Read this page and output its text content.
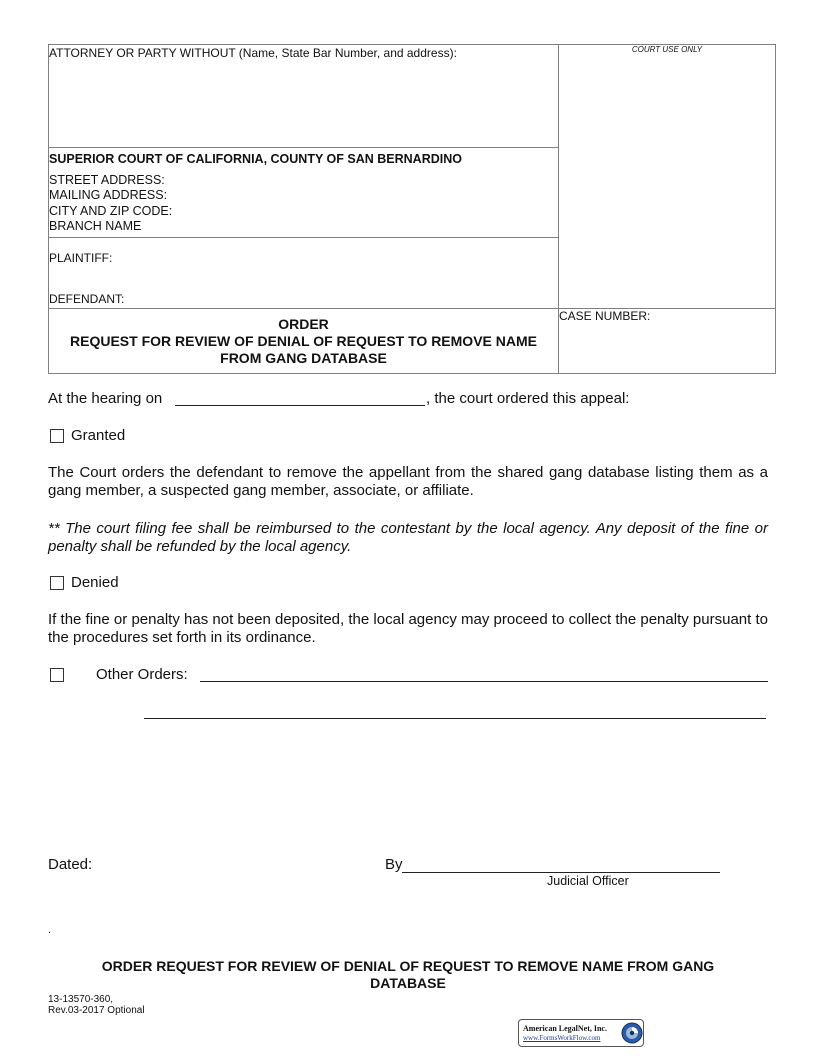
ATTORNEY OR PARTY WITHOUT (Name, State Bar Number, and address):
SUPERIOR COURT OF CALIFORNIA, COUNTY OF SAN BERNARDINO
STREET ADDRESS:
MAILING ADDRESS:
CITY AND ZIP CODE:
BRANCH NAME
PLAINTIFF:
DEFENDANT:
ORDER
REQUEST FOR REVIEW OF DENIAL OF REQUEST TO REMOVE NAME
FROM GANG DATABASE
COURT USE ONLY
CASE NUMBER:
At the hearing on	, the court ordered this appeal:
Granted
The Court orders the defendant to remove the appellant from the shared gang database listing them as a gang member, a suspected gang member, associate, or affiliate.
** The court filing fee shall be reimbursed to the contestant by the local agency. Any deposit of the fine or penalty shall be refunded by the local agency.
Denied
If the fine or penalty has not been deposited, the local agency may proceed to collect the penalty pursuant to the procedures set forth in its ordinance.
Other Orders:
Dated:	By
Judicial Officer
.
ORDER REQUEST FOR REVIEW OF DENIAL OF REQUEST TO REMOVE NAME FROM GANG
DATABASE
13-13570-360,
Rev.03-2017 Optional
American LegalNet, Inc.
www.FormsWorkFlow.com
